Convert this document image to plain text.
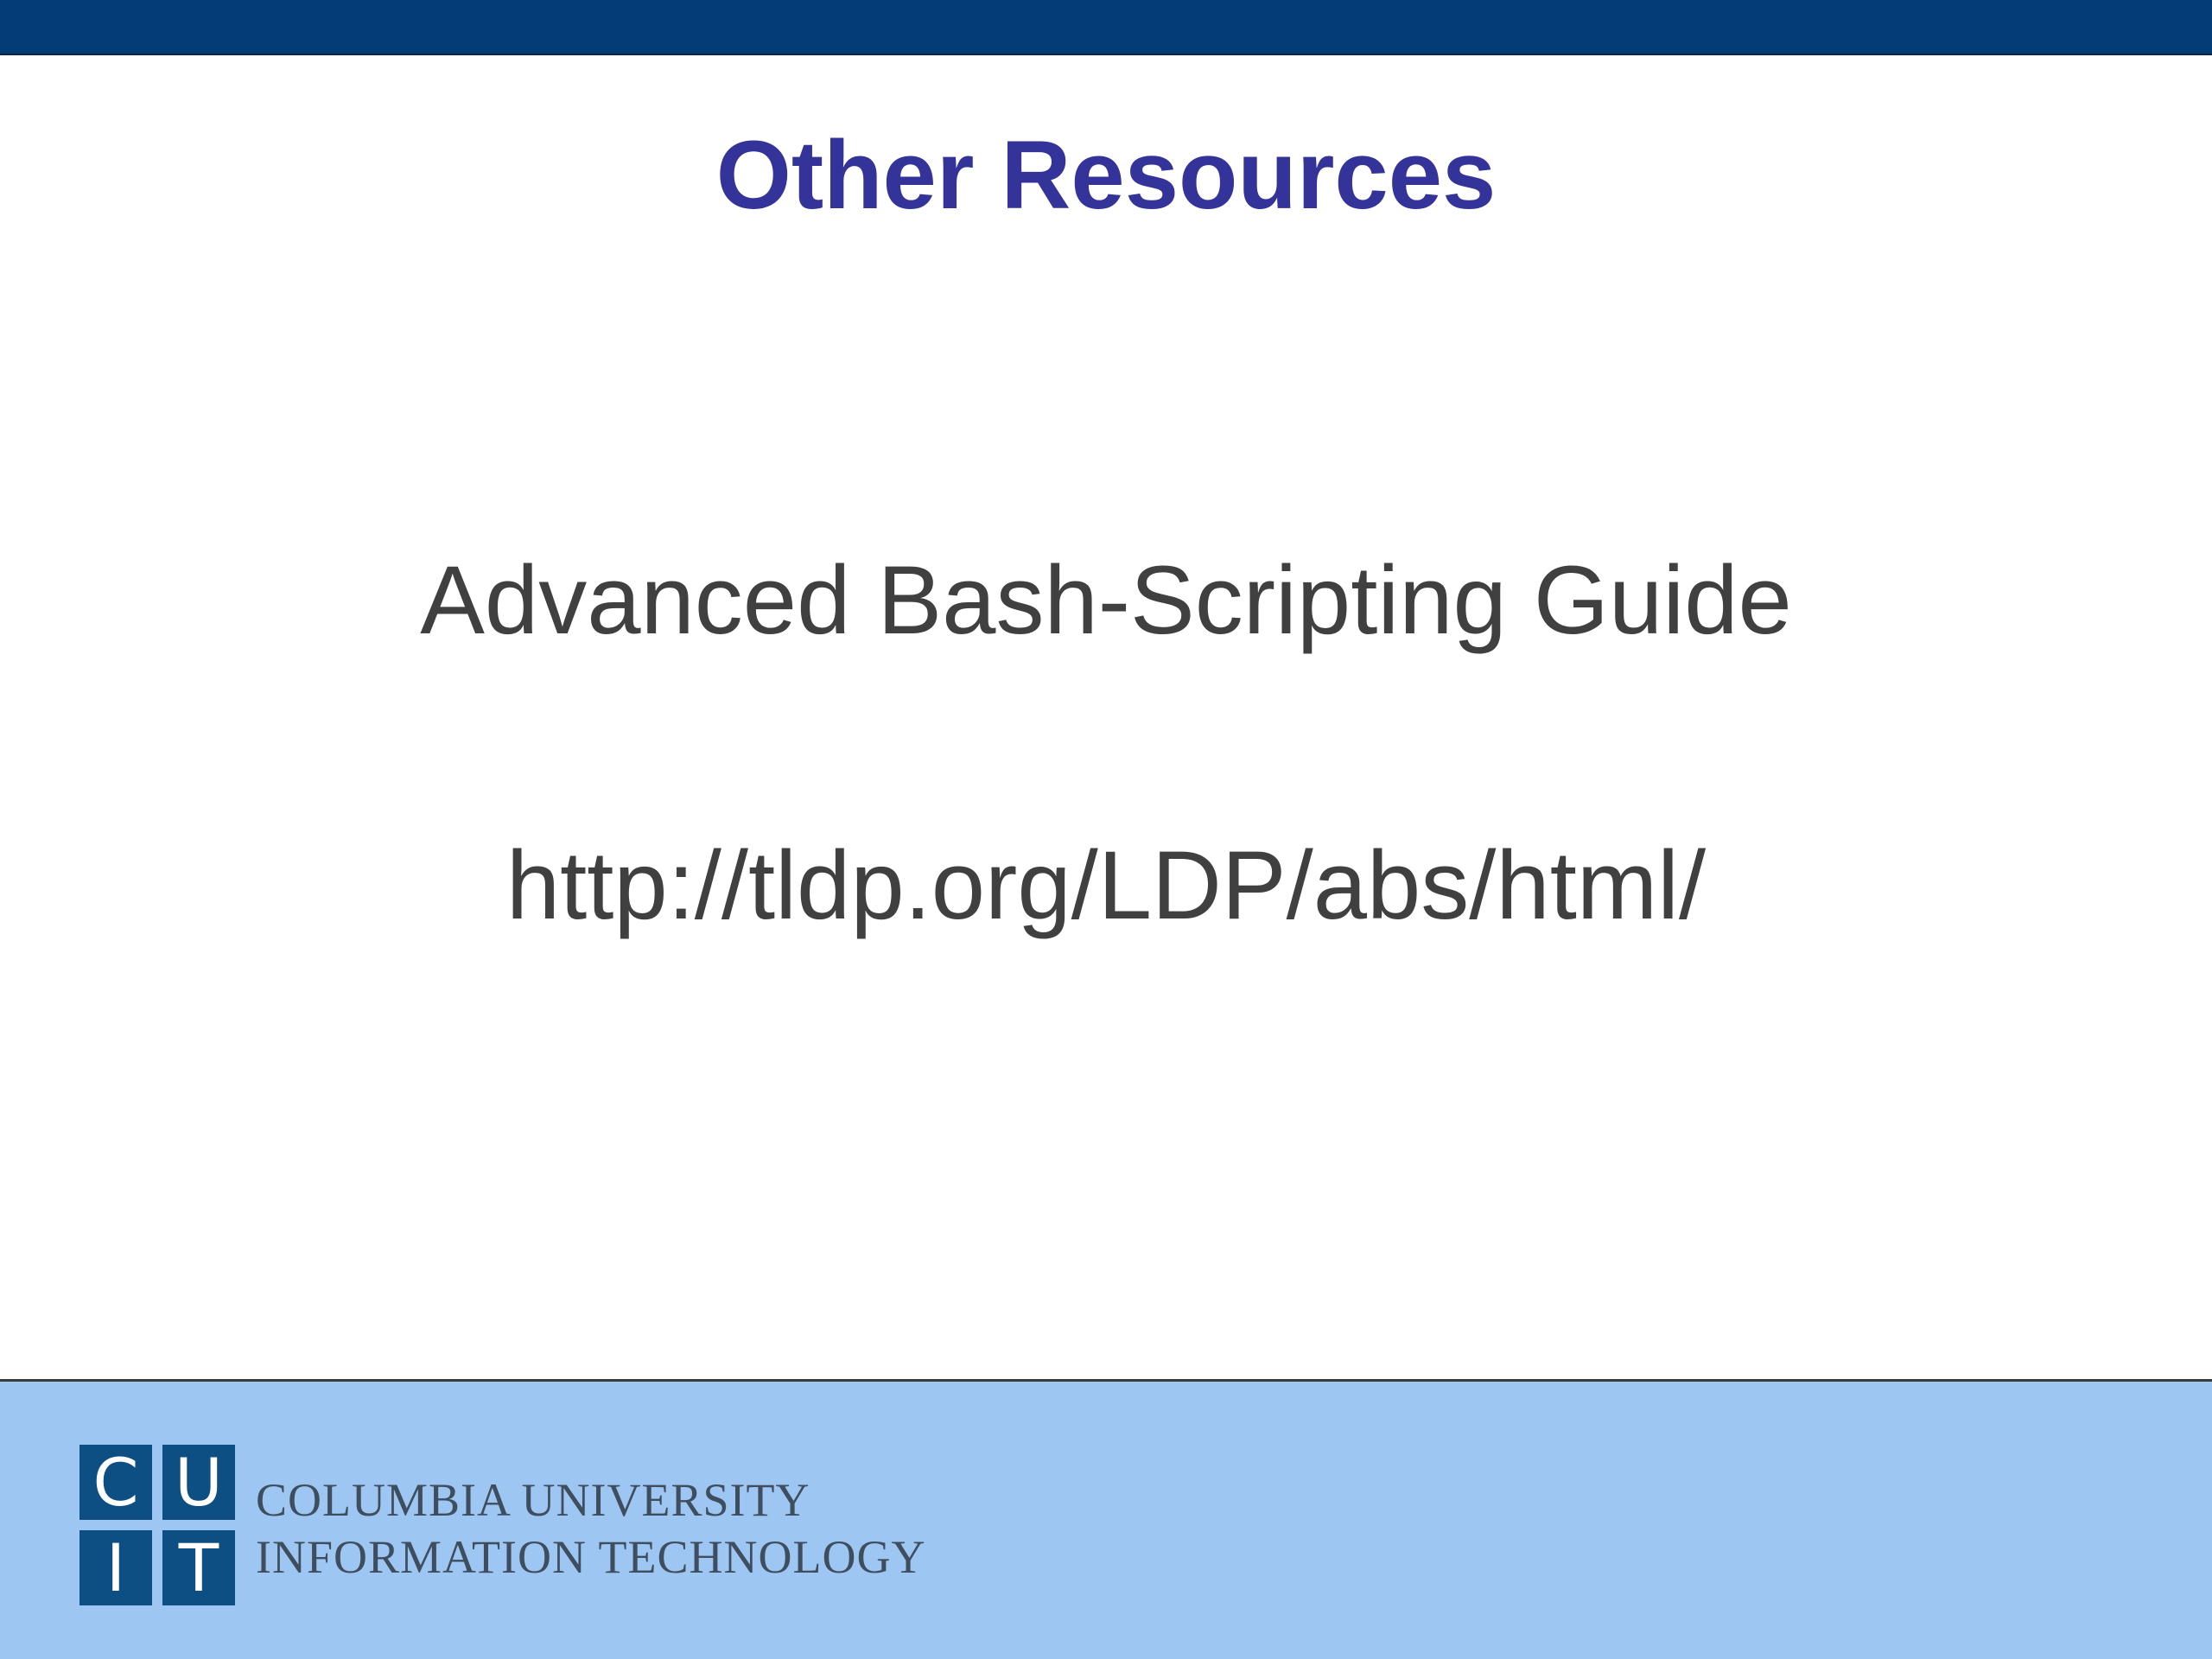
Other Resources

Advanced Bash-Scripting Guide

http://tldp.org/LDP/abs/html/

C U
I T
COLUMBIA UNIVERSITY
INFORMATION TECHNOLOGY
